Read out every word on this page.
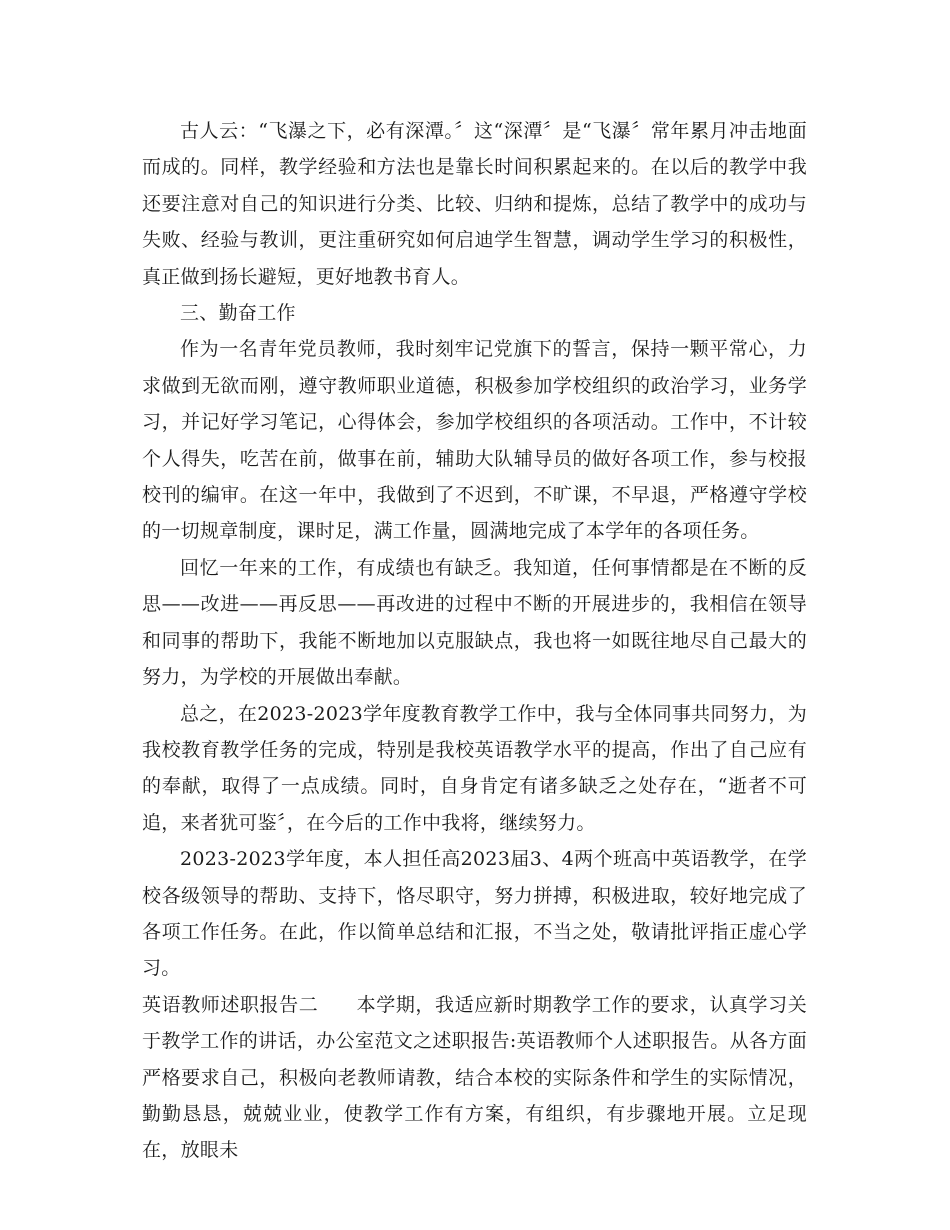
古人云：“飞瀑之下，必有深潭。〞这“深潭〞是“飞瀑〞常年累月冲击地面而成的。同样，教学经验和方法也是靠长时间积累起来的。在以后的教学中我还要注意对自己的知识进行分类、比较、归纳和提炼，总结了教学中的成功与失败、经验与教训，更注重研究如何启迪学生智慧，调动学生学习的积极性，真正做到扬长避短，更好地教书育人。

三、勤奋工作

作为一名青年党员教师，我时刻牢记党旗下的誓言，保持一颗平常心，力求做到无欲而刚，遵守教师职业道德，积极参加学校组织的政治学习，业务学习，并记好学习笔记，心得体会，参加学校组织的各项活动。工作中，不计较个人得失，吃苦在前，做事在前，辅助大队辅导员的做好各项工作，参与校报校刊的编审。在这一年中，我做到了不迟到，不旷课，不早退，严格遵守学校的一切规章制度，课时足，满工作量，圆满地完成了本学年的各项任务。

回忆一年来的工作，有成绩也有缺乏。我知道，任何事情都是在不断的反思——改进——再反思——再改进的过程中不断的开展进步的，我相信在领导和同事的帮助下，我能不断地加以克服缺点，我也将一如既往地尽自己最大的努力，为学校的开展做出奉献。

总之，在2023-2023学年度教育教学工作中，我与全体同事共同努力，为我校教育教学任务的完成，特别是我校英语教学水平的提高，作出了自己应有的奉献，取得了一点成绩。同时，自身肯定有诸多缺乏之处存在，“逝者不可追，来者犹可鉴〞，在今后的工作中我将，继续努力。

2023-2023学年度，本人担任高2023届3、4两个班高中英语教学，在学校各级领导的帮助、支持下，恪尽职守，努力拼搏，积极进取，较好地完成了各项工作任务。在此，作以简单总结和汇报，不当之处，敬请批评指正虚心学习。

英语教师述职报告二 本学期，我适应新时期教学工作的要求，认真学习关于教学工作的讲话，办公室范文之述职报告:英语教师个人述职报告。从各方面严格要求自己，积极向老教师请教，结合本校的实际条件和学生的实际情况，勤勤恳恳，兢兢业业，使教学工作有方案，有组织，有步骤地开展。立足现在，放眼未
